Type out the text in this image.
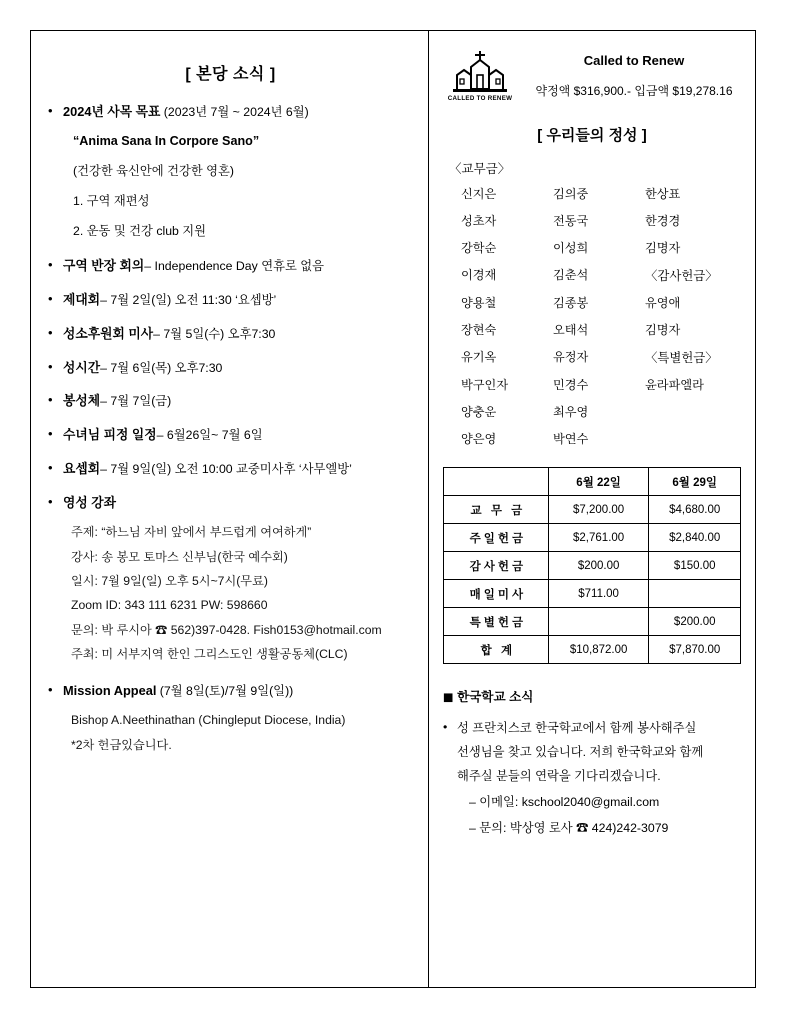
[ 본당 소식 ]
• 2024년 사목 목표 (2023년 7월 ~ 2024년 6월)
“Anima Sana In Corpore Sano”
(건강한 육신안에 건강한 영혼)
1. 구역 재편성
2. 운동 및 건강 club 지원
• 구역 반장 회의– Independence Day 연휴로 없음
• 제대회– 7월 2일(일) 오전 11:30 ‘요셉방’
• 성소후원회 미사– 7월 5일(수) 오후7:30
• 성시간– 7월 6일(목) 오후7:30
• 봉성체– 7월 7일(금)
• 수녀님 피정 일정– 6월26일~ 7월 6일
• 요셉회– 7월 9일(일) 오전 10:00 교중미사후 ‘사무엘방’
• 영성 강좌
주제: “하느님 자비 앞에서 부드럽게 여여하게”
강사: 송 봉모 토마스 신부님(한국 예수회)
일시: 7월 9일(일) 오후 5시~7시(무료)
Zoom ID: 343 111 6231 PW: 598660
문의: 박 루시아 ☎ 562)397-0428. Fish0153@hotmail.com
주최: 미 서부지역 한인 그리스도인 생활공동체(CLC)
• Mission Appeal (7월 8일(토)/7월 9일(일))
Bishop A.Neethinathan (Chingleput Diocese, India)
*2차 헌금있습니다.
CALLED TO RENEW
Called to Renew
약정액 $316,900.- 입금액 $19,278.16
[ 우리들의 정성 ]
〈교무금〉
신지은	김의중	한상표
성초자	전동국	한경경
강학순	이성희	김명자
이경재	김춘석	〈감사헌금〉
양용철	김종봉	유영애
장현숙	오태석	김명자
유기옥	유정자	〈특별헌금〉
박구인자	민경수	윤라파엘라
양충운	최우영
양은영	박연수
	6월 22일	6월 29일
교 무 금	$7,200.00	$4,680.00
주일헌금	$2,761.00	$2,840.00
감사헌금	$200.00	$150.00
매일미사	$711.00	
특별헌금		$200.00
합 계	$10,872.00	$7,870.00
◼ 한국학교 소식
• 성 프란치스코 한국학교에서 함께 봉사해주실
선생님을 찾고 있습니다. 저희 한국학교와 함께
해주실 분들의 연락을 기다리겠습니다.
– 이메일: kschool2040@gmail.com
– 문의: 박상영 로사 ☎ 424)242-3079
